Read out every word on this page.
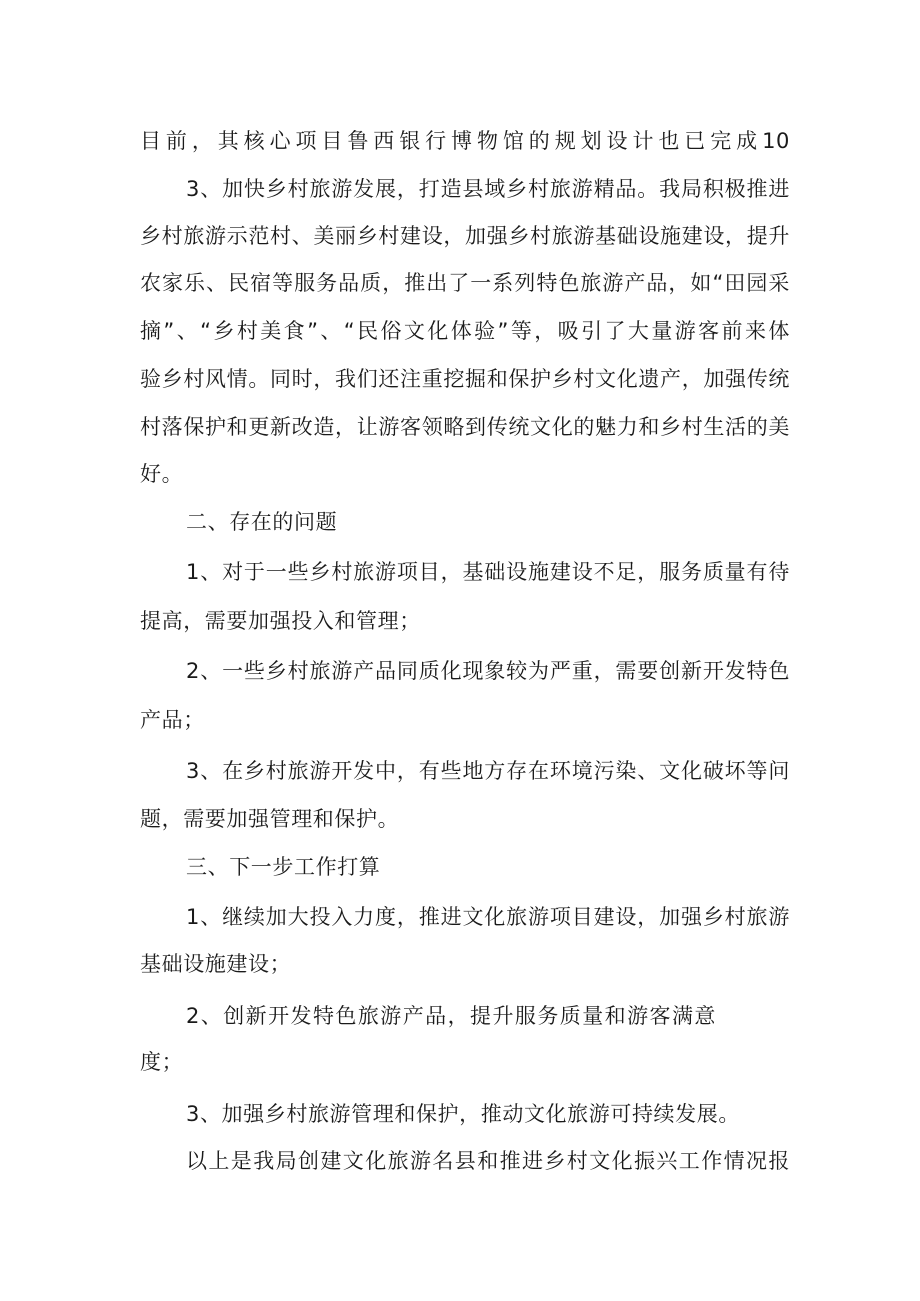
目前，其核心项目鲁西银行博物馆的规划设计也已完成10
3、加快乡村旅游发展，打造县域乡村旅游精品。我局积极推进
乡村旅游示范村、美丽乡村建设，加强乡村旅游基础设施建设，提升
农家乐、民宿等服务品质，推出了一系列特色旅游产品，如“田园采
摘”、“乡村美食”、“民俗文化体验”等，吸引了大量游客前来体
验乡村风情。同时，我们还注重挖掘和保护乡村文化遗产，加强传统
村落保护和更新改造，让游客领略到传统文化的魅力和乡村生活的美
好。
二、存在的问题
1、对于一些乡村旅游项目，基础设施建设不足，服务质量有待
提高，需要加强投入和管理；
2、一些乡村旅游产品同质化现象较为严重，需要创新开发特色
产品；
3、在乡村旅游开发中，有些地方存在环境污染、文化破坏等问
题，需要加强管理和保护。
三、下一步工作打算
1、继续加大投入力度，推进文化旅游项目建设，加强乡村旅游
基础设施建设；
2、创新开发特色旅游产品，提升服务质量和游客满意
度；
3、加强乡村旅游管理和保护，推动文化旅游可持续发展。
以上是我局创建文化旅游名县和推进乡村文化振兴工作情况报
